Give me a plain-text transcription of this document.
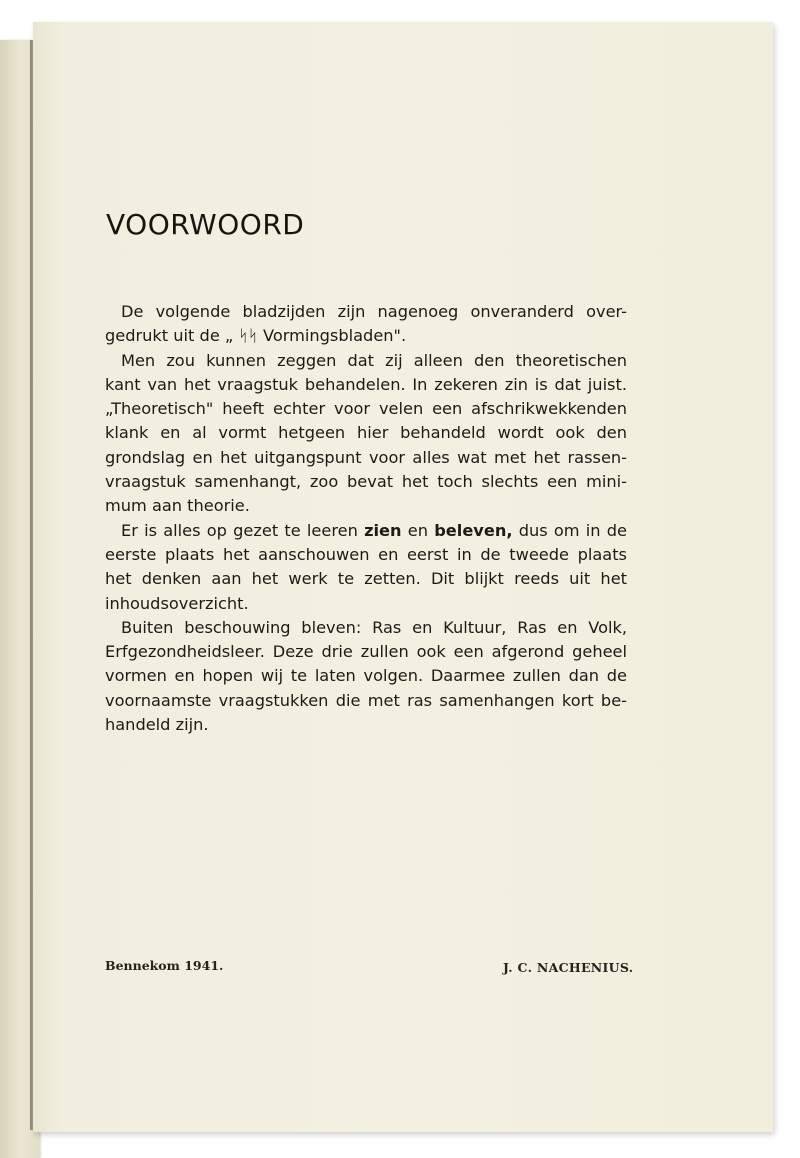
VOORWOORD

De volgende bladzijden zijn nagenoeg onveranderd over-
gedrukt uit de „ ᛋᛋ Vormingsbladen".

Men zou kunnen zeggen dat zij alleen den theoretischen
kant van het vraagstuk behandelen. In zekeren zin is dat juist.
„Theoretisch" heeft echter voor velen een afschrikwekkenden
klank en al vormt hetgeen hier behandeld wordt ook den
grondslag en het uitgangspunt voor alles wat met het rassen-
vraagstuk samenhangt, zoo bevat het toch slechts een mini-
mum aan theorie.

Er is alles op gezet te leeren zien en beleven, dus om in de
eerste plaats het aanschouwen en eerst in de tweede plaats
het denken aan het werk te zetten. Dit blijkt reeds uit het
inhoudsoverzicht.

Buiten beschouwing bleven: Ras en Kultuur, Ras en Volk,
Erfgezondheidsleer. Deze drie zullen ook een afgerond geheel
vormen en hopen wij te laten volgen. Daarmee zullen dan de
voornaamste vraagstukken die met ras samenhangen kort be-
handeld zijn.

Bennekom 1941.	J. C. NACHENIUS.
